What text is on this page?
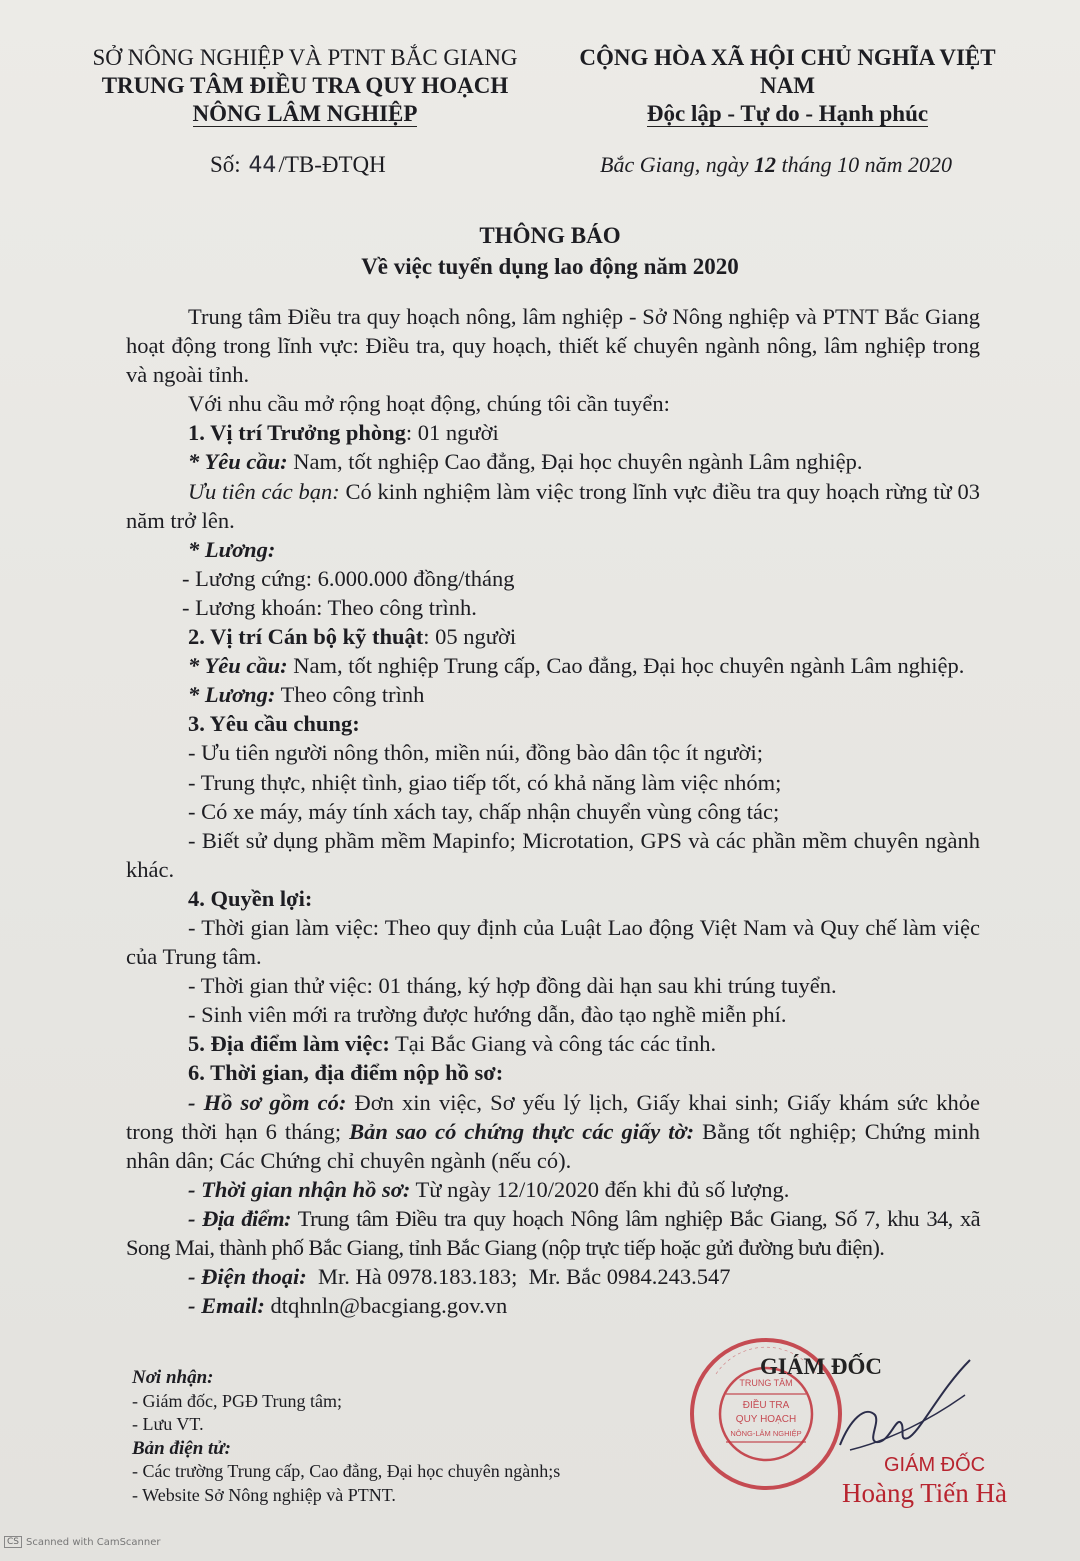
SỞ NÔNG NGHIỆP VÀ PTNT BẮC GIANG
TRUNG TÂM ĐIỀU TRA QUY HOẠCH
NÔNG LÂM NGHIỆP
CỘNG HÒA XÃ HỘI CHỦ NGHĨA VIỆT NAM
Độc lập - Tự do - Hạnh phúc
Số: 44/TB-ĐTQH	Bắc Giang, ngày 12 tháng 10 năm 2020
THÔNG BÁO
Về việc tuyển dụng lao động năm 2020

Trung tâm Điều tra quy hoạch nông, lâm nghiệp - Sở Nông nghiệp và PTNT Bắc Giang hoạt động trong lĩnh vực: Điều tra, quy hoạch, thiết kế chuyên ngành nông, lâm nghiệp trong và ngoài tỉnh.

Với nhu cầu mở rộng hoạt động, chúng tôi cần tuyển:

1. Vị trí Trưởng phòng: 01 người

* Yêu cầu: Nam, tốt nghiệp Cao đẳng, Đại học chuyên ngành Lâm nghiệp.

Ưu tiên các bạn: Có kinh nghiệm làm việc trong lĩnh vực điều tra quy hoạch rừng từ 03 năm trở lên.

* Lương:

- Lương cứng: 6.000.000 đồng/tháng

- Lương khoán: Theo công trình.

2. Vị trí Cán bộ kỹ thuật: 05 người

* Yêu cầu: Nam, tốt nghiệp Trung cấp, Cao đẳng, Đại học chuyên ngành Lâm nghiệp.

* Lương: Theo công trình

3. Yêu cầu chung:

- Ưu tiên người nông thôn, miền núi, đồng bào dân tộc ít người;

- Trung thực, nhiệt tình, giao tiếp tốt, có khả năng làm việc nhóm;

- Có xe máy, máy tính xách tay, chấp nhận chuyển vùng công tác;

- Biết sử dụng phầm mềm Mapinfo; Microtation, GPS và các phần mềm chuyên ngành khác.

4. Quyền lợi:

- Thời gian làm việc: Theo quy định của Luật Lao động Việt Nam và Quy chế làm việc của Trung tâm.

- Thời gian thử việc: 01 tháng, ký hợp đồng dài hạn sau khi trúng tuyển.

- Sinh viên mới ra trường được hướng dẫn, đào tạo nghề miễn phí.

5. Địa điểm làm việc: Tại Bắc Giang và công tác các tỉnh.

6. Thời gian, địa điểm nộp hồ sơ:

- Hồ sơ gồm có: Đơn xin việc, Sơ yếu lý lịch, Giấy khai sinh; Giấy khám sức khỏe trong thời hạn 6 tháng; Bản sao có chứng thực các giấy tờ: Bằng tốt nghiệp; Chứng minh nhân dân; Các Chứng chỉ chuyên ngành (nếu có).

- Thời gian nhận hồ sơ: Từ ngày 12/10/2020 đến khi đủ số lượng.

- Địa điểm: Trung tâm Điều tra quy hoạch Nông lâm nghiệp Bắc Giang, Số 7, khu 34, xã Song Mai, thành phố Bắc Giang, tỉnh Bắc Giang (nộp trực tiếp hoặc gửi đường bưu điện).

- Điện thoại:  Mr. Hà 0978.183.183;  Mr. Bắc 0984.243.547

- Email: dtqhnln@bacgiang.gov.vn

Nơi nhận:
- Giám đốc, PGĐ Trung tâm;
- Lưu VT.
Bản điện tử:
- Các trường Trung cấp, Cao đẳng, Đại học chuyên ngành;s
- Website Sở Nông nghiệp và PTNT.
TRUNG TÂM
ĐIỀU TRA
QUY HOẠCH
NÔNG-LÂM NGHIỆP
GIÁM ĐỐC
GIÁM ĐỐC
Hoàng Tiến Hà
CS Scanned with CamScanner
